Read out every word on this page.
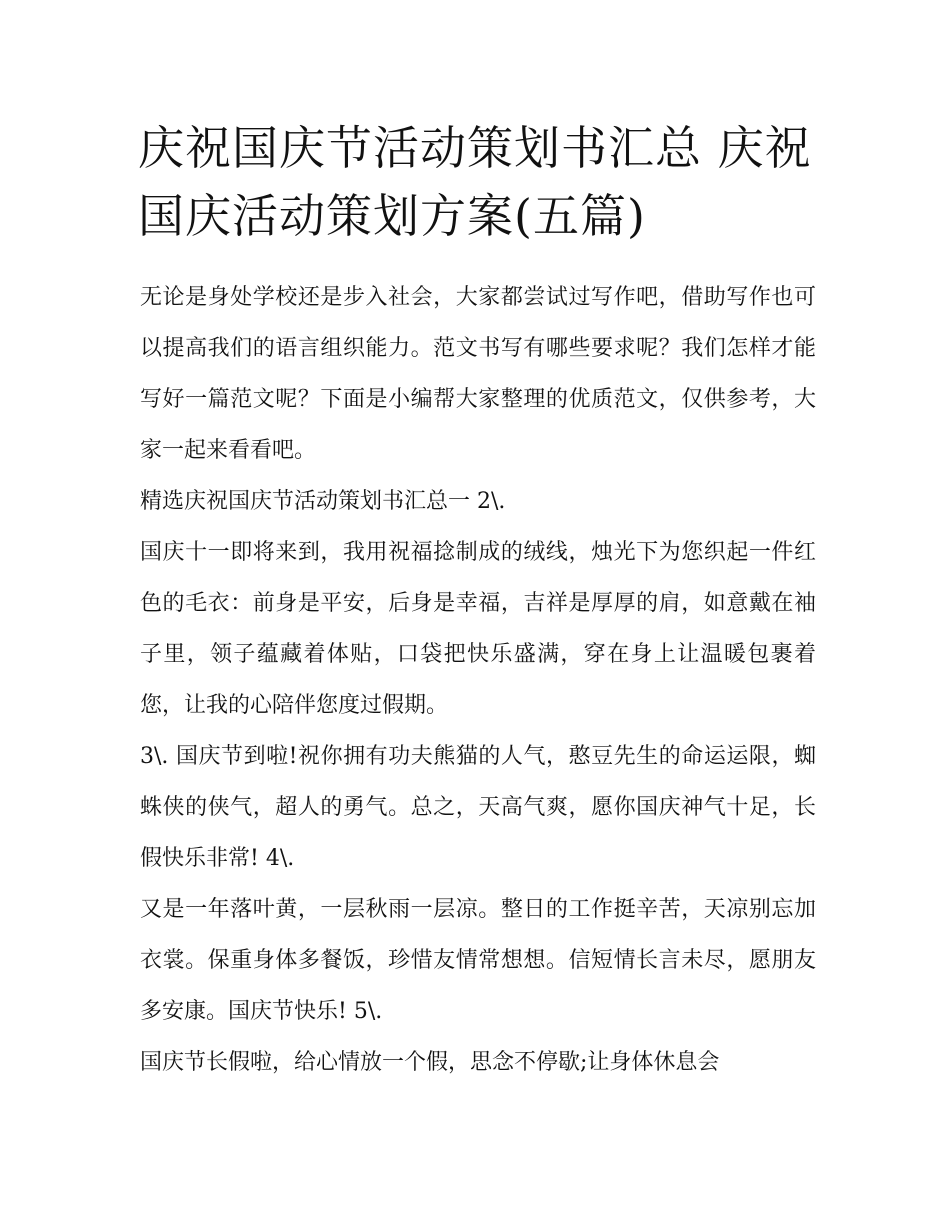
庆祝国庆节活动策划书汇总 庆祝国庆活动策划方案(五篇)

无论是身处学校还是步入社会，大家都尝试过写作吧，借助写作也可以提高我们的语言组织能力。范文书写有哪些要求呢？我们怎样才能写好一篇范文呢？下面是小编帮大家整理的优质范文，仅供参考，大家一起来看看吧。

精选庆祝国庆节活动策划书汇总一 2\.

国庆十一即将来到，我用祝福捻制成的绒线，烛光下为您织起一件红色的毛衣：前身是平安，后身是幸福，吉祥是厚厚的肩，如意戴在袖子里，领子蕴藏着体贴，口袋把快乐盛满，穿在身上让温暖包裹着您，让我的心陪伴您度过假期。

3\. 国庆节到啦!祝你拥有功夫熊猫的人气，憨豆先生的命运运限，蜘蛛侠的侠气，超人的勇气。总之，天高气爽，愿你国庆神气十足，长假快乐非常! 4\.

又是一年落叶黄，一层秋雨一层凉。整日的工作挺辛苦，天凉别忘加衣裳。保重身体多餐饭，珍惜友情常想想。信短情长言未尽，愿朋友多安康。国庆节快乐! 5\.

国庆节长假啦，给心情放一个假，思念不停歇;让身体休息会
